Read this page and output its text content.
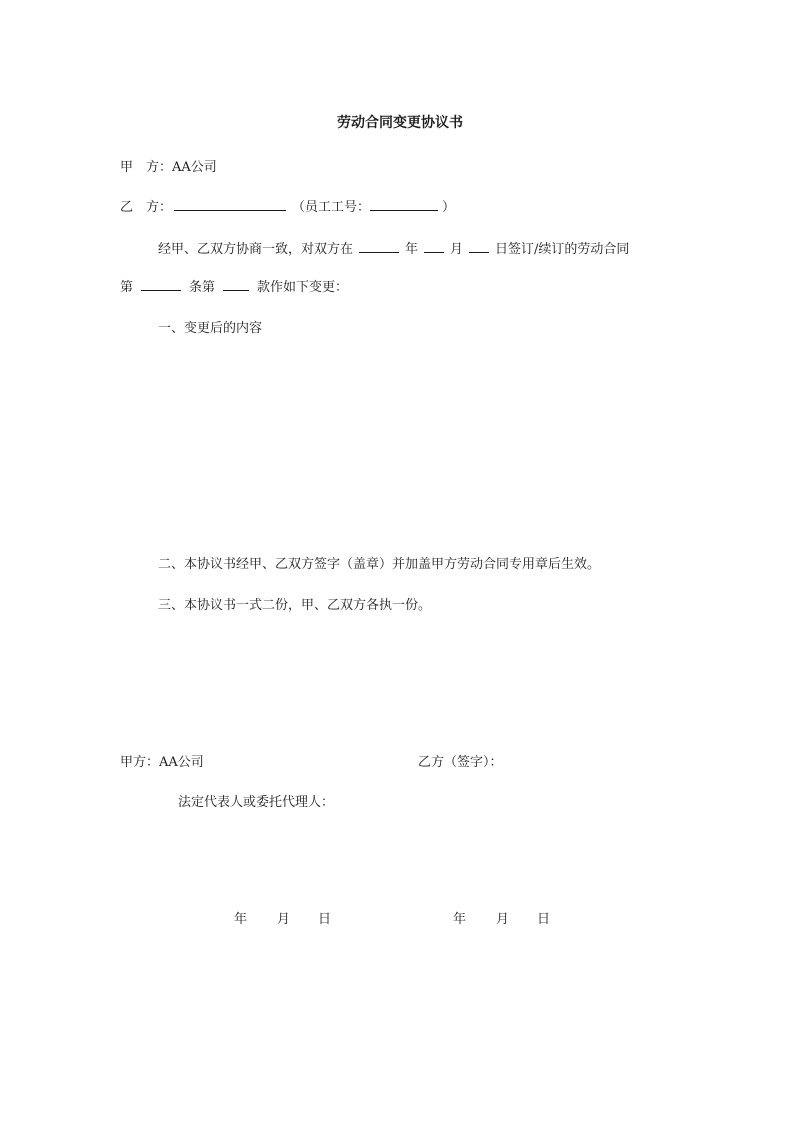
劳动合同变更协议书
甲　方：AA公司
乙　方：	（员工工号：	）
经甲、乙双方协商一致，对双方在	年 月 日签订/续订的劳动合同
第	条第	款作如下变更：
一、变更后的内容
二、本协议书经甲、乙双方签字（盖章）并加盖甲方劳动合同专用章后生效。
三、本协议书一式二份，甲、乙双方各执一份。
甲方：AA公司	乙方（签字）：
法定代表人或委托代理人：
年 月 日	年 月 日
